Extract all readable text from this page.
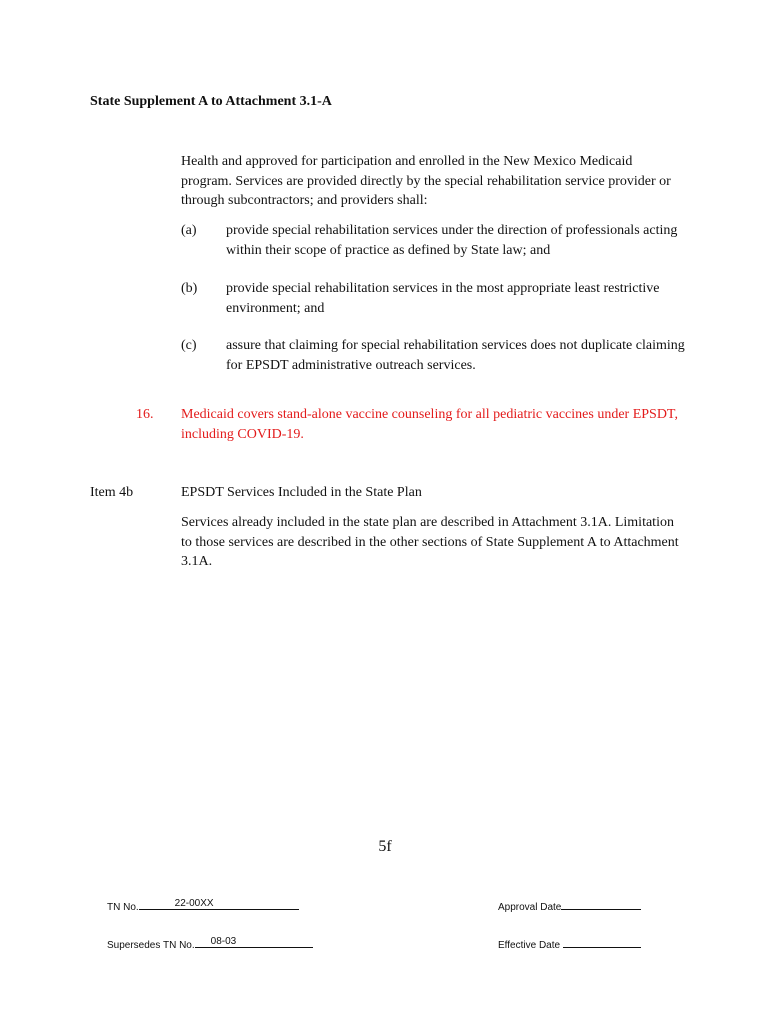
State Supplement A to Attachment 3.1-A
Health and approved for participation and enrolled in the New Mexico Medicaid program. Services are provided directly by the special rehabilitation service provider or through subcontractors; and providers shall:
(a) provide special rehabilitation services under the direction of professionals acting within their scope of practice as defined by State law; and
(b) provide special rehabilitation services in the most appropriate least restrictive environment; and
(c) assure that claiming for special rehabilitation services does not duplicate claiming for EPSDT administrative outreach services.
16. Medicaid covers stand-alone vaccine counseling for all pediatric vaccines under EPSDT, including COVID-19.
Item 4b	EPSDT Services Included in the State Plan
Services already included in the state plan are described in Attachment 3.1A. Limitation to those services are described in the other sections of State Supplement A to Attachment 3.1A.
5f
TN No.	22-00XX
Supersedes TN No. 08-03
Approval Date
Effective Date
